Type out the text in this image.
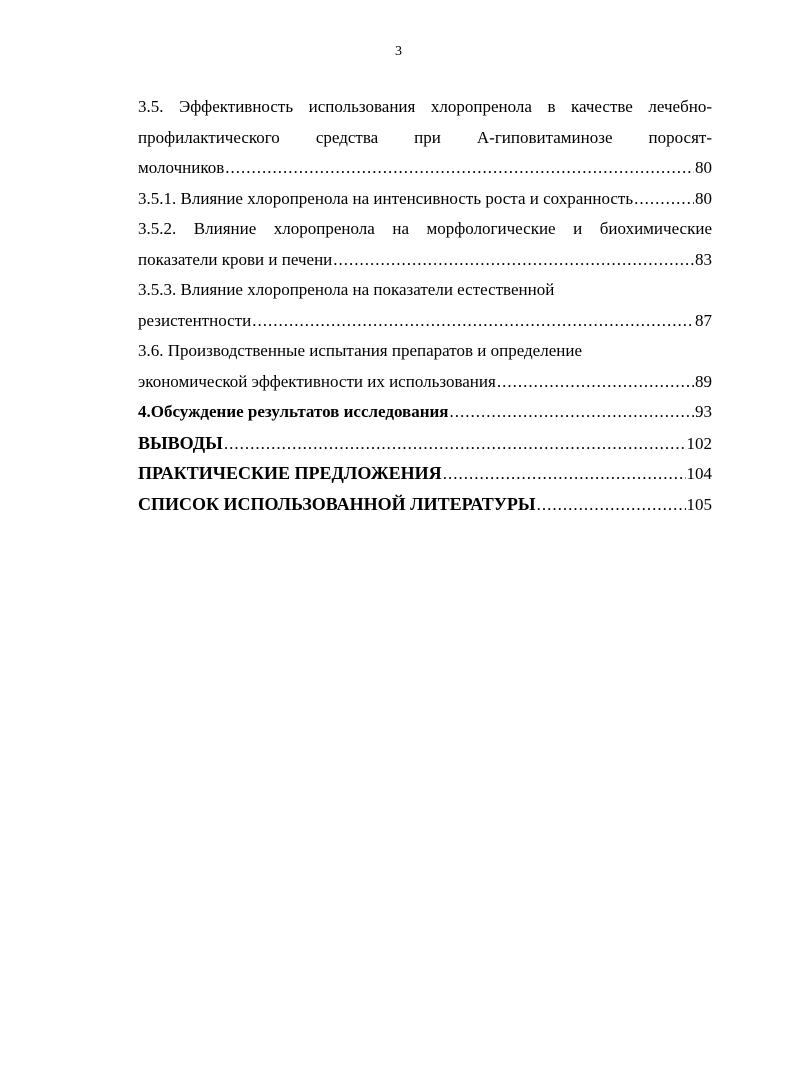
3
3.5. Эффективность использования хлоропренола в качестве лечебно-
профилактического средства при А-гиповитаминозе поросят-
молочников .....	80
3.5.1. Влияние хлоропренола на интенсивность роста и сохранность .....	80
3.5.2. Влияние хлоропренола на морфологические и биохимические
показатели крови и печени .....	83
3.5.3. Влияние хлоропренола на показатели естественной
резистентности .....	87
3.6. Производственные испытания препаратов и определение
экономической эффективности их использования .....	89
4.Обсуждение результатов исследования .....	93
ВЫВОДЫ .....	102
ПРАКТИЧЕСКИЕ ПРЕДЛОЖЕНИЯ .....	104
СПИСОК ИСПОЛЬЗОВАННОЙ ЛИТЕРАТУРЫ .....	105
